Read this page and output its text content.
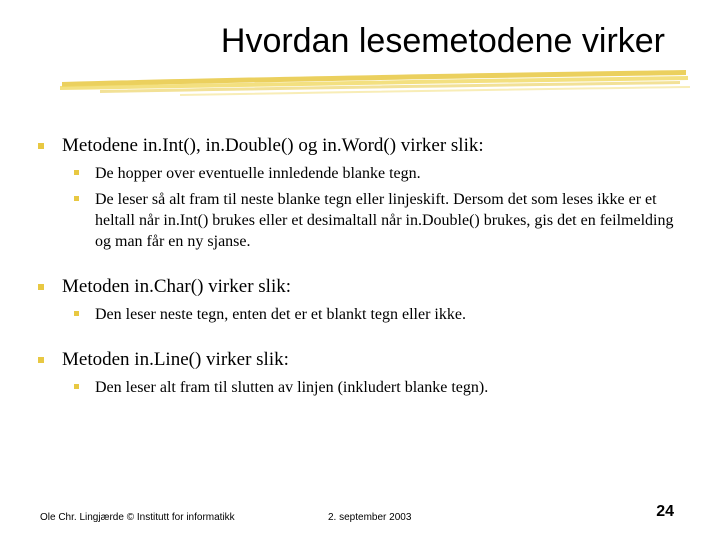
Hvordan lesemetodene virker
Metodene in.Int(), in.Double() og in.Word() virker slik:
De hopper over eventuelle innledende blanke tegn.
De leser så alt fram til neste blanke tegn eller linjeskift. Dersom det som leses ikke er et heltall når in.Int() brukes eller et desimaltall når in.Double() brukes, gis det en feilmelding og man får en ny sjanse.
Metoden in.Char() virker slik:
Den leser neste tegn, enten det er et blankt tegn eller ikke.
Metoden in.Line() virker slik:
Den leser alt fram til slutten av linjen (inkludert blanke tegn).
Ole Chr. Lingjærde © Institutt for informatikk	2. september 2003	24
